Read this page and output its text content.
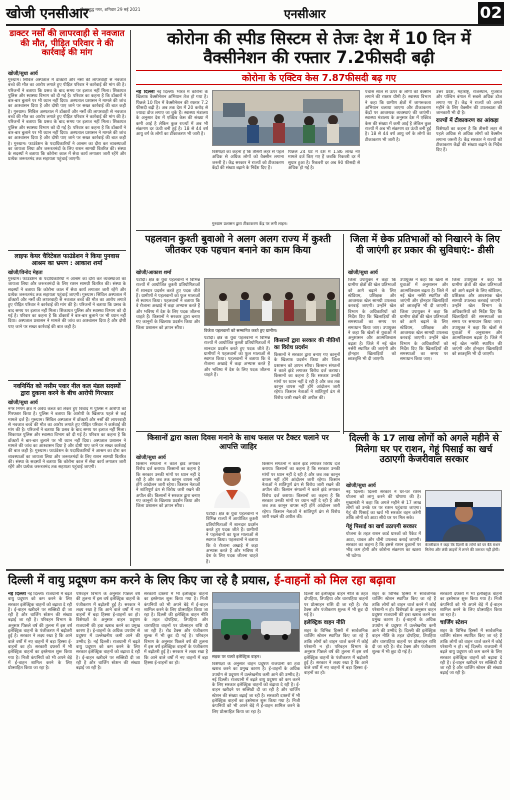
खोजी एनसीआर
गौतमबुद्ध नगर, शनिवार 29 मई 2021	एनसीआर	02
डाक्टर नर्सों की लापरवाही से नवजात की मौत, पीड़ित परिवार ने की कार्रवाई की मांग
खोजी/सुधा आर्य
गुरुग्राम। सिविल अस्पताल में डॉक्टरों और नर्सों की लापरवाही से नवजात बच्चे की मौत का आरोप लगाते हुए पीड़ित परिवार ने कार्रवाई की मांग की है। परिजनों ने बताया कि प्रसव के बाद समय पर इलाज नहीं मिला। शिकायत पुलिस और स्वास्थ्य विभाग को दी गई है। परिवार का कहना है कि डॉक्टरों ने बार-बार बुलाने पर भी ध्यान नहीं दिया। अस्पताल प्रशासन ने मामले की जांच का आश्वासन दिया है और दोषी पाए जाने पर सख्त कार्रवाई की बात कही है। गुरुग्राम। सिविल अस्पताल में डॉक्टरों और नर्सों की लापरवाही से नवजात बच्चे की मौत का आरोप लगाते हुए पीड़ित परिवार ने कार्रवाई की मांग की है। परिजनों ने बताया कि प्रसव के बाद समय पर इलाज नहीं मिला। शिकायत पुलिस और स्वास्थ्य विभाग को दी गई है। परिवार का कहना है कि डॉक्टरों ने बार-बार बुलाने पर भी ध्यान नहीं दिया। अस्पताल प्रशासन ने मामले की जांच का आश्वासन दिया है और दोषी पाए जाने पर सख्त कार्रवाई की बात कही है। गुरुग्राम। फाउंडेशन के पदाधिकारियों ने आश्रम का दौरा कर व्यवस्थाओं का जायजा लिया और जरूरतमंदों के लिए राशन सामग्री वितरित की। संस्था के सदस्यों ने बताया कि कोरोना काल में सेवा कार्य लगातार जारी रहेंगे और प्रत्येक जरूरतमंद तक सहायता पहुंचाई जाएगी।
लाइफ केयर चैरिटेबल फाउंडेशन ने किया पुनवास आश्रम का भ्रमण : आकाश शर्मा
खोजी/विनोद मेहता
गुरुग्राम। फाउंडेशन के पदाधिकारियों ने आश्रम का दौरा कर व्यवस्थाओं का जायजा लिया और जरूरतमंदों के लिए राशन सामग्री वितरित की। संस्था के सदस्यों ने बताया कि कोरोना काल में सेवा कार्य लगातार जारी रहेंगे और प्रत्येक जरूरतमंद तक सहायता पहुंचाई जाएगी। गुरुग्राम। सिविल अस्पताल में डॉक्टरों और नर्सों की लापरवाही से नवजात बच्चे की मौत का आरोप लगाते हुए पीड़ित परिवार ने कार्रवाई की मांग की है। परिजनों ने बताया कि प्रसव के बाद समय पर इलाज नहीं मिला। शिकायत पुलिस और स्वास्थ्य विभाग को दी गई है। परिवार का कहना है कि डॉक्टरों ने बार-बार बुलाने पर भी ध्यान नहीं दिया। अस्पताल प्रशासन ने मामले की जांच का आश्वासन दिया है और दोषी पाए जाने पर सख्त कार्रवाई की बात कही है।
नवनिर्मित को नसीम पवार नील कल मंडल सदस्यों द्वारा दुकाना करने के बीच आरोपी गिरफ्तार
खोजी/सुधा आर्य
नगर निगम क्षेत्र में अवैध कब्जे को लेकर हुए विवाद में पुलिस ने आरोपी को गिरफ्तार किया है। पुलिस ने बताया कि आरोपी के खिलाफ पहले से कई मामले दर्ज हैं। गुरुग्राम। सिविल अस्पताल में डॉक्टरों और नर्सों की लापरवाही से नवजात बच्चे की मौत का आरोप लगाते हुए पीड़ित परिवार ने कार्रवाई की मांग की है। परिजनों ने बताया कि प्रसव के बाद समय पर इलाज नहीं मिला। शिकायत पुलिस और स्वास्थ्य विभाग को दी गई है। परिवार का कहना है कि डॉक्टरों ने बार-बार बुलाने पर भी ध्यान नहीं दिया। अस्पताल प्रशासन ने मामले की जांच का आश्वासन दिया है और दोषी पाए जाने पर सख्त कार्रवाई की बात कही है। गुरुग्राम। फाउंडेशन के पदाधिकारियों ने आश्रम का दौरा कर व्यवस्थाओं का जायजा लिया और जरूरतमंदों के लिए राशन सामग्री वितरित की। संस्था के सदस्यों ने बताया कि कोरोना काल में सेवा कार्य लगातार जारी रहेंगे और प्रत्येक जरूरतमंद तक सहायता पहुंचाई जाएगी।
कोरोना की स्पीड सिस्टम से तेजः देश में 10 दिन में वैक्सीनेशन की रफ्तार 7.2फीसदी बढ़ी
कोरोना के एक्टिव केस 7.87फीसदी बढ़ गए
नई दिल्ली नई दिल्ली। भारत में कोरोना के खिलाफ वैक्सीनेशन अभियान तेज हो गया है। पिछले 10 दिन में वैक्सीनेशन की रफ्तार 7.2 फीसदी बढ़ी है। अब तक देश में 20 करोड़ से ज्यादा डोज लगाए जा चुके हैं। स्वास्थ्य मंत्रालय के अनुसार देश में एक्टिव केस की संख्या में कमी आई है लेकिन कुछ राज्यों में अब भी संक्रमण दर ऊंची बनी हुई है। 18 से 44 वर्ष आयु वर्ग के लोगों का टीकाकरण भी जारी है।
विशेषज्ञों का कहना है कि तीसरी लहर से पहले अधिक से अधिक लोगों को वैक्सीन लगाना जरूरी है। केंद्र सरकार ने राज्यों को टीकाकरण केंद्रों की संख्या बढ़ाने के निर्देश दिए हैं।
पिछले 24 घंटे में देश में 1.86 लाख नए मामले दर्ज किए गए हैं जबकि रिकवरी दर में सुधार हुआ है। रिकवरी दर अब 90 फीसदी से अधिक हो गई है।
गुरुग्राम प्रशासन द्वारा टीकाकरण केंद्र पर लगी लाइन।
पचास साल से ऊपर के लोगों को वैक्सीन लगाने की रफ्तार धीमी है। स्वास्थ्य विभाग ने कहा कि ग्रामीण क्षेत्रों में जागरूकता अभियान चलाया जाएगा और टीकाकरण केंद्रों पर आवश्यक व्यवस्थाएं की जाएंगी। स्वास्थ्य मंत्रालय के अनुसार देश में एक्टिव केस की संख्या में कमी आई है लेकिन कुछ राज्यों में अब भी संक्रमण दर ऊंची बनी हुई है। 18 से 44 वर्ष आयु वर्ग के लोगों का टीकाकरण भी जारी है।
उत्तर प्रदेश, महाराष्ट्र, राजस्थान, गुजरात और पश्चिम बंगाल में सबसे अधिक डोज लगाए गए हैं। केंद्र ने राज्यों को अगले महीने के लिए वैक्सीन की उपलब्धता की जानकारी भी दी है।
राज्यों में टीकाकरण का आंकड़ा
विशेषज्ञों का कहना है कि तीसरी लहर से पहले अधिक से अधिक लोगों को वैक्सीन लगाना जरूरी है। केंद्र सरकार ने राज्यों को टीकाकरण केंद्रों की संख्या बढ़ाने के निर्देश दिए हैं।
पहलवान कुश्ती बुवाओ ने अलग अलग राज्य में कुश्ती जीतकर एक पहचान बनाने का काम किया
खोजी/आकाश शर्मा
पटौदी। क्षेत्र के युवा पहलवानों ने विभिन्न राज्यों में आयोजित कुश्ती प्रतियोगिताओं में शानदार प्रदर्शन करते हुए पदक जीते हैं। ग्रामीणों ने पहलवानों का फूल मालाओं से स्वागत किया। पहलवानों ने बताया कि वे रोजाना अखाड़े में कड़ा अभ्यास करते हैं और भविष्य में देश के लिए पदक जीतना चाहते हैं। किसानों ने सरकार द्वारा बनाए गए कानूनों के खिलाफ प्रदर्शन किया और जिला प्रशासन को ज्ञापन सौंपा।	विजेता पहलवानों को सम्मानित करते हुए ग्रामीण।
पटौदी। क्षेत्र के युवा पहलवानों ने विभिन्न राज्यों में आयोजित कुश्ती प्रतियोगिताओं में शानदार प्रदर्शन करते हुए पदक जीते हैं। ग्रामीणों ने पहलवानों का फूल मालाओं से स्वागत किया। पहलवानों ने बताया कि वे रोजाना अखाड़े में कड़ा अभ्यास करते हैं और भविष्य में देश के लिए पदक जीतना चाहते हैं।
किसानों द्वारा सरकार की नीतियों का विरोध प्रदर्शन
किसानों ने सरकार द्वारा बनाए गए कानूनों के खिलाफ प्रदर्शन किया और जिला प्रशासन को ज्ञापन सौंपा। किसान संगठनों ने काले झंडे लगाकर विरोध दर्ज कराया। किसानों का कहना है कि सरकार उनकी मांगों पर ध्यान नहीं दे रही है और जब तक कानून वापस नहीं होंगे आंदोलन जारी रहेगा। किसान नेताओं ने शांतिपूर्ण ढंग से विरोध जारी रखने की अपील की।
किसानों द्वारा काला दिवस मनाने के साथ फसल पर टैक्टर चलाने पर आपत्ति जाहिर
खोजी/सुधा आर्य
किसान संगठनों ने काले झंडे लगाकर विरोध दर्ज कराया। किसानों का कहना है कि सरकार उनकी मांगों पर ध्यान नहीं दे रही है और जब तक कानून वापस नहीं होंगे आंदोलन जारी रहेगा। किसान नेताओं ने शांतिपूर्ण ढंग से विरोध जारी रखने की अपील की। किसानों ने सरकार द्वारा बनाए गए कानूनों के खिलाफ प्रदर्शन किया और जिला प्रशासन को ज्ञापन सौंपा।
किसान संगठनों ने काले झंडे लगाकर विरोध दर्ज कराया। किसानों का कहना है कि सरकार उनकी मांगों पर ध्यान नहीं दे रही है और जब तक कानून वापस नहीं होंगे आंदोलन जारी रहेगा। किसान नेताओं ने शांतिपूर्ण ढंग से विरोध जारी रखने की अपील की। किसान संगठनों ने काले झंडे लगाकर विरोध दर्ज कराया। किसानों का कहना है कि सरकार उनकी मांगों पर ध्यान नहीं दे रही है और जब तक कानून वापस नहीं होंगे आंदोलन जारी रहेगा। किसान नेताओं ने शांतिपूर्ण ढंग से विरोध जारी रखने की अपील की।
पटौदी। क्षेत्र के युवा पहलवानों ने विभिन्न राज्यों में आयोजित कुश्ती प्रतियोगिताओं में शानदार प्रदर्शन करते हुए पदक जीते हैं। ग्रामीणों ने पहलवानों का फूल मालाओं से स्वागत किया। पहलवानों ने बताया कि वे रोजाना अखाड़े में कड़ा अभ्यास करते हैं और भविष्य में देश के लिए पदक जीतना चाहते हैं।
जिला में छेक प्रतिभाओं को निखारने के लिए दी जाएंगी हर प्रकार की सुविधाएं:- डीसी
खोजी/सुधा आर्य
जिला उपायुक्त ने कहा कि ग्रामीण क्षेत्रों की खेल प्रतिभाओं को आगे बढ़ाने के लिए स्टेडियम, प्रशिक्षक और आवश्यक खेल सामग्री उपलब्ध करवाई जाएगी। उन्होंने खेल विभाग के अधिकारियों को निर्देश दिए कि खिलाड़ियों की समस्याओं का समय पर समाधान किया जाए। उपायुक्त ने कहा कि खेलों से युवाओं में अनुशासन और आत्मविश्वास बढ़ता है। जिले में नई खेल नर्सरी स्थापित की जाएंगी और होनहार खिलाड़ियों को छात्रवृत्ति भी दी जाएगी।
उपायुक्त ने कहा कि खेलों से युवाओं में अनुशासन और आत्मविश्वास बढ़ता है। जिले में नई खेल नर्सरी स्थापित की जाएंगी और होनहार खिलाड़ियों को छात्रवृत्ति भी दी जाएगी। जिला उपायुक्त ने कहा कि ग्रामीण क्षेत्रों की खेल प्रतिभाओं को आगे बढ़ाने के लिए स्टेडियम, प्रशिक्षक और आवश्यक खेल सामग्री उपलब्ध करवाई जाएगी। उन्होंने खेल विभाग के अधिकारियों को निर्देश दिए कि खिलाड़ियों की समस्याओं का समय पर समाधान किया जाए।
जिला उपायुक्त ने कहा कि ग्रामीण क्षेत्रों की खेल प्रतिभाओं को आगे बढ़ाने के लिए स्टेडियम, प्रशिक्षक और आवश्यक खेल सामग्री उपलब्ध करवाई जाएगी। उन्होंने खेल विभाग के अधिकारियों को निर्देश दिए कि खिलाड़ियों की समस्याओं का समय पर समाधान किया जाए। उपायुक्त ने कहा कि खेलों से युवाओं में अनुशासन और आत्मविश्वास बढ़ता है। जिले में नई खेल नर्सरी स्थापित की जाएंगी और होनहार खिलाड़ियों को छात्रवृत्ति भी दी जाएगी।
दिल्ली के 17 लाख लोगों को अगले महीने से मिलेगा घर पर राशन, गेहूं पिसाई का खर्च उठाएगी केजरीवाल सरकार
खोजी/सुधा आर्य
नई दिल्ली। दिल्ली सरकार ने घर-घर राशन योजना को लागू करने की घोषणा की है। मुख्यमंत्री ने कहा कि अगले महीने से 17 लाख लोगों को उनके घर पर राशन पहुंचाया जाएगा। गेहूं की पिसाई का खर्च भी सरकार वहन करेगी ताकि लोगों को आटा सीधे घर पर मिल सके।
गेहूं पिसाई का खर्च उठाएगी सरकार
योजना के तहत राशन कार्ड धारकों को पैकेट में आटा, चावल और चीनी उपलब्ध कराई जाएगी। सरकार का कहना है कि इससे राशन दुकानों पर भीड़ कम होगी और कोरोना संक्रमण का खतरा भी घटेगा।
केजरीवाल ने कहा कि दिल्ली के लोगों को घर बैठे राशन मिलेगा और लंबी लाइनों में लगने की जरूरत नहीं होगी।
दिल्ली में वायु प्रदूषण कम करने के लिए किए जा रहे है प्रयास, ई-वाहनों को मिल रहा बढ़ावा
नई दिल्ली नई दिल्ली। राजधानी में बढ़ते वायु प्रदूषण को कम करने के लिए सरकार इलेक्ट्रिक वाहनों को बढ़ावा दे रही है। ई-वाहन खरीदने पर सब्सिडी दी जा रही है और चार्जिंग स्टेशन की संख्या बढ़ाई जा रही है। परिवहन विभाग के अनुसार पिछले वर्ष की तुलना में इस वर्ष इलेक्ट्रिक वाहनों के पंजीकरण में बढ़ोतरी हुई है। सरकार ने लक्ष्य रखा है कि आने वाले वर्षों में नए वाहनों में बड़ा हिस्सा ई-वाहनों का हो। सरकारी दफ्तरों में भी इलेक्ट्रिक वाहनों का इस्तेमाल शुरू किया गया है। निजी कंपनियों को भी अपने बेड़े में ई-वाहन शामिल करने के लिए प्रोत्साहित किया जा रहा है।
परिवहन विभाग के अनुसार पिछले वर्ष की तुलना में इस वर्ष इलेक्ट्रिक वाहनों के पंजीकरण में बढ़ोतरी हुई है। सरकार ने लक्ष्य रखा है कि आने वाले वर्षों में नए वाहनों में बड़ा हिस्सा ई-वाहनों का हो। विशेषज्ञों के अनुसार वाहन प्रदूषण राजधानी की हवा खराब करने का प्रमुख कारण है। ई-वाहनों के अधिक उपयोग से प्रदूषण में उल्लेखनीय कमी आने की उम्मीद है। नई दिल्ली। राजधानी में बढ़ते वायु प्रदूषण को कम करने के लिए सरकार इलेक्ट्रिक वाहनों को बढ़ावा दे रही है। ई-वाहन खरीदने पर सब्सिडी दी जा रही है और चार्जिंग स्टेशन की संख्या बढ़ाई जा रही है।
सरकारी दफ्तरों में भी इलेक्ट्रिक वाहनों का इस्तेमाल शुरू किया गया है। निजी कंपनियों को भी अपने बेड़े में ई-वाहन शामिल करने के लिए प्रोत्साहित किया जा रहा है। दिल्ली की इलेक्ट्रिक वाहन नीति के तहत दोपहिया, तिपहिया और चारपहिया वाहनों पर प्रोत्साहन राशि दी जा रही है। रोड टैक्स और पंजीकरण शुल्क में भी छूट दी गई है। परिवहन विभाग के अनुसार पिछले वर्ष की तुलना में इस वर्ष इलेक्ट्रिक वाहनों के पंजीकरण में बढ़ोतरी हुई है। सरकार ने लक्ष्य रखा है कि आने वाले वर्षों में नए वाहनों में बड़ा हिस्सा ई-वाहनों का हो।
सड़क पर चलते इलेक्ट्रिक वाहन।
विशेषज्ञों के अनुसार वाहन प्रदूषण राजधानी की हवा खराब करने का प्रमुख कारण है। ई-वाहनों के अधिक उपयोग से प्रदूषण में उल्लेखनीय कमी आने की उम्मीद है। नई दिल्ली। राजधानी में बढ़ते वायु प्रदूषण को कम करने के लिए सरकार इलेक्ट्रिक वाहनों को बढ़ावा दे रही है। ई-वाहन खरीदने पर सब्सिडी दी जा रही है और चार्जिंग स्टेशन की संख्या बढ़ाई जा रही है। सरकारी दफ्तरों में भी इलेक्ट्रिक वाहनों का इस्तेमाल शुरू किया गया है। निजी कंपनियों को भी अपने बेड़े में ई-वाहन शामिल करने के लिए प्रोत्साहित किया जा रहा है।
दिल्ली की इलेक्ट्रिक वाहन नीति के तहत दोपहिया, तिपहिया और चारपहिया वाहनों पर प्रोत्साहन राशि दी जा रही है। रोड टैक्स और पंजीकरण शुल्क में भी छूट दी गई है।
इलेक्ट्रिक वाहन नीति
शहर के विभिन्न हिस्सों में सार्वजनिक चार्जिंग स्टेशन स्थापित किए जा रहे हैं ताकि लोगों को वाहन चार्ज करने में कोई परेशानी न हो। परिवहन विभाग के अनुसार पिछले वर्ष की तुलना में इस वर्ष इलेक्ट्रिक वाहनों के पंजीकरण में बढ़ोतरी हुई है। सरकार ने लक्ष्य रखा है कि आने वाले वर्षों में नए वाहनों में बड़ा हिस्सा ई-वाहनों का हो।
शहर के विभिन्न हिस्सों में सार्वजनिक चार्जिंग स्टेशन स्थापित किए जा रहे हैं ताकि लोगों को वाहन चार्ज करने में कोई परेशानी न हो। विशेषज्ञों के अनुसार वाहन प्रदूषण राजधानी की हवा खराब करने का प्रमुख कारण है। ई-वाहनों के अधिक उपयोग से प्रदूषण में उल्लेखनीय कमी आने की उम्मीद है। दिल्ली की इलेक्ट्रिक वाहन नीति के तहत दोपहिया, तिपहिया और चारपहिया वाहनों पर प्रोत्साहन राशि दी जा रही है। रोड टैक्स और पंजीकरण शुल्क में भी छूट दी गई है।
सरकारी दफ्तरों में भी इलेक्ट्रिक वाहनों का इस्तेमाल शुरू किया गया है। निजी कंपनियों को भी अपने बेड़े में ई-वाहन शामिल करने के लिए प्रोत्साहित किया जा रहा है।
चार्जिंग स्टेशन
शहर के विभिन्न हिस्सों में सार्वजनिक चार्जिंग स्टेशन स्थापित किए जा रहे हैं ताकि लोगों को वाहन चार्ज करने में कोई परेशानी न हो। नई दिल्ली। राजधानी में बढ़ते वायु प्रदूषण को कम करने के लिए सरकार इलेक्ट्रिक वाहनों को बढ़ावा दे रही है। ई-वाहन खरीदने पर सब्सिडी दी जा रही है और चार्जिंग स्टेशन की संख्या बढ़ाई जा रही है।
